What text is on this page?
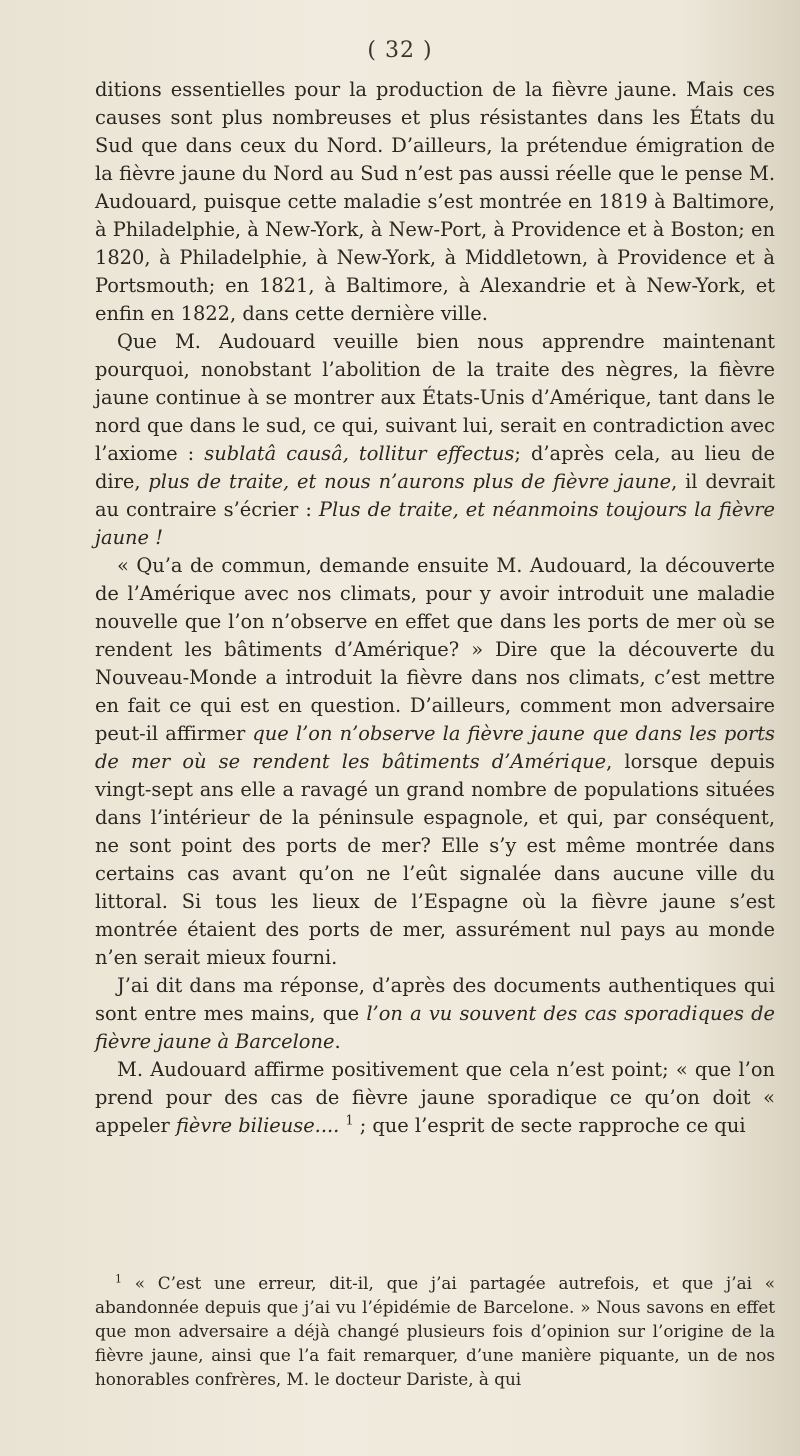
( 32 )

ditions essentielles pour la production de la fièvre jaune. Mais ces causes sont plus nombreuses et plus résistantes dans les États du Sud que dans ceux du Nord. D’ailleurs, la prétendue émigration de la fièvre jaune du Nord au Sud n’est pas aussi réelle que le pense M. Audouard, puisque cette maladie s’est montrée en 1819 à Baltimore, à Philadelphie, à New-York, à New-Port, à Providence et à Boston; en 1820, à Philadelphie, à New-York, à Middletown, à Providence et à Portsmouth; en 1821, à Baltimore, à Alexandrie et à New-York, et enfin en 1822, dans cette dernière ville.

Que M. Audouard veuille bien nous apprendre maintenant pourquoi, nonobstant l’abolition de la traite des nègres, la fièvre jaune continue à se montrer aux États-Unis d’Amérique, tant dans le nord que dans le sud, ce qui, suivant lui, serait en contradiction avec l’axiome : sublatâ causâ, tollitur effectus; d’après cela, au lieu de dire, plus de traite, et nous n’aurons plus de fièvre jaune, il devrait au contraire s’écrier : Plus de traite, et néanmoins toujours la fièvre jaune !

« Qu’a de commun, demande ensuite M. Audouard, la découverte de l’Amérique avec nos climats, pour y avoir introduit une maladie nouvelle que l’on n’observe en effet que dans les ports de mer où se rendent les bâtiments d’Amérique? » Dire que la découverte du Nouveau-Monde a introduit la fièvre dans nos climats, c’est mettre en fait ce qui est en question. D’ailleurs, comment mon adversaire peut-il affirmer que l’on n’observe la fièvre jaune que dans les ports de mer où se rendent les bâtiments d’Amérique, lorsque depuis vingt-sept ans elle a ravagé un grand nombre de populations situées dans l’intérieur de la péninsule espagnole, et qui, par conséquent, ne sont point des ports de mer? Elle s’y est même montrée dans certains cas avant qu’on ne l’eût signalée dans aucune ville du littoral. Si tous les lieux de l’Espagne où la fièvre jaune s’est montrée étaient des ports de mer, assurément nul pays au monde n’en serait mieux fourni.

J’ai dit dans ma réponse, d’après des documents authentiques qui sont entre mes mains, que l’on a vu souvent des cas sporadiques de fièvre jaune à Barcelone.

M. Audouard affirme positivement que cela n’est point; « que l’on prend pour des cas de fièvre jaune sporadique ce qu’on doit « appeler fièvre bilieuse.... $^1$ ; que l’esprit de secte rapproche ce qui

$^1$ « C’est une erreur, dit-il, que j’ai partagée autrefois, et que j’ai « abandonnée depuis que j’ai vu l’épidémie de Barcelone. » Nous savons en effet que mon adversaire a déjà changé plusieurs fois d’opinion sur l’origine de la fièvre jaune, ainsi que l’a fait remarquer, d’une manière piquante, un de nos honorables confrères, M. le docteur Dariste, à qui
